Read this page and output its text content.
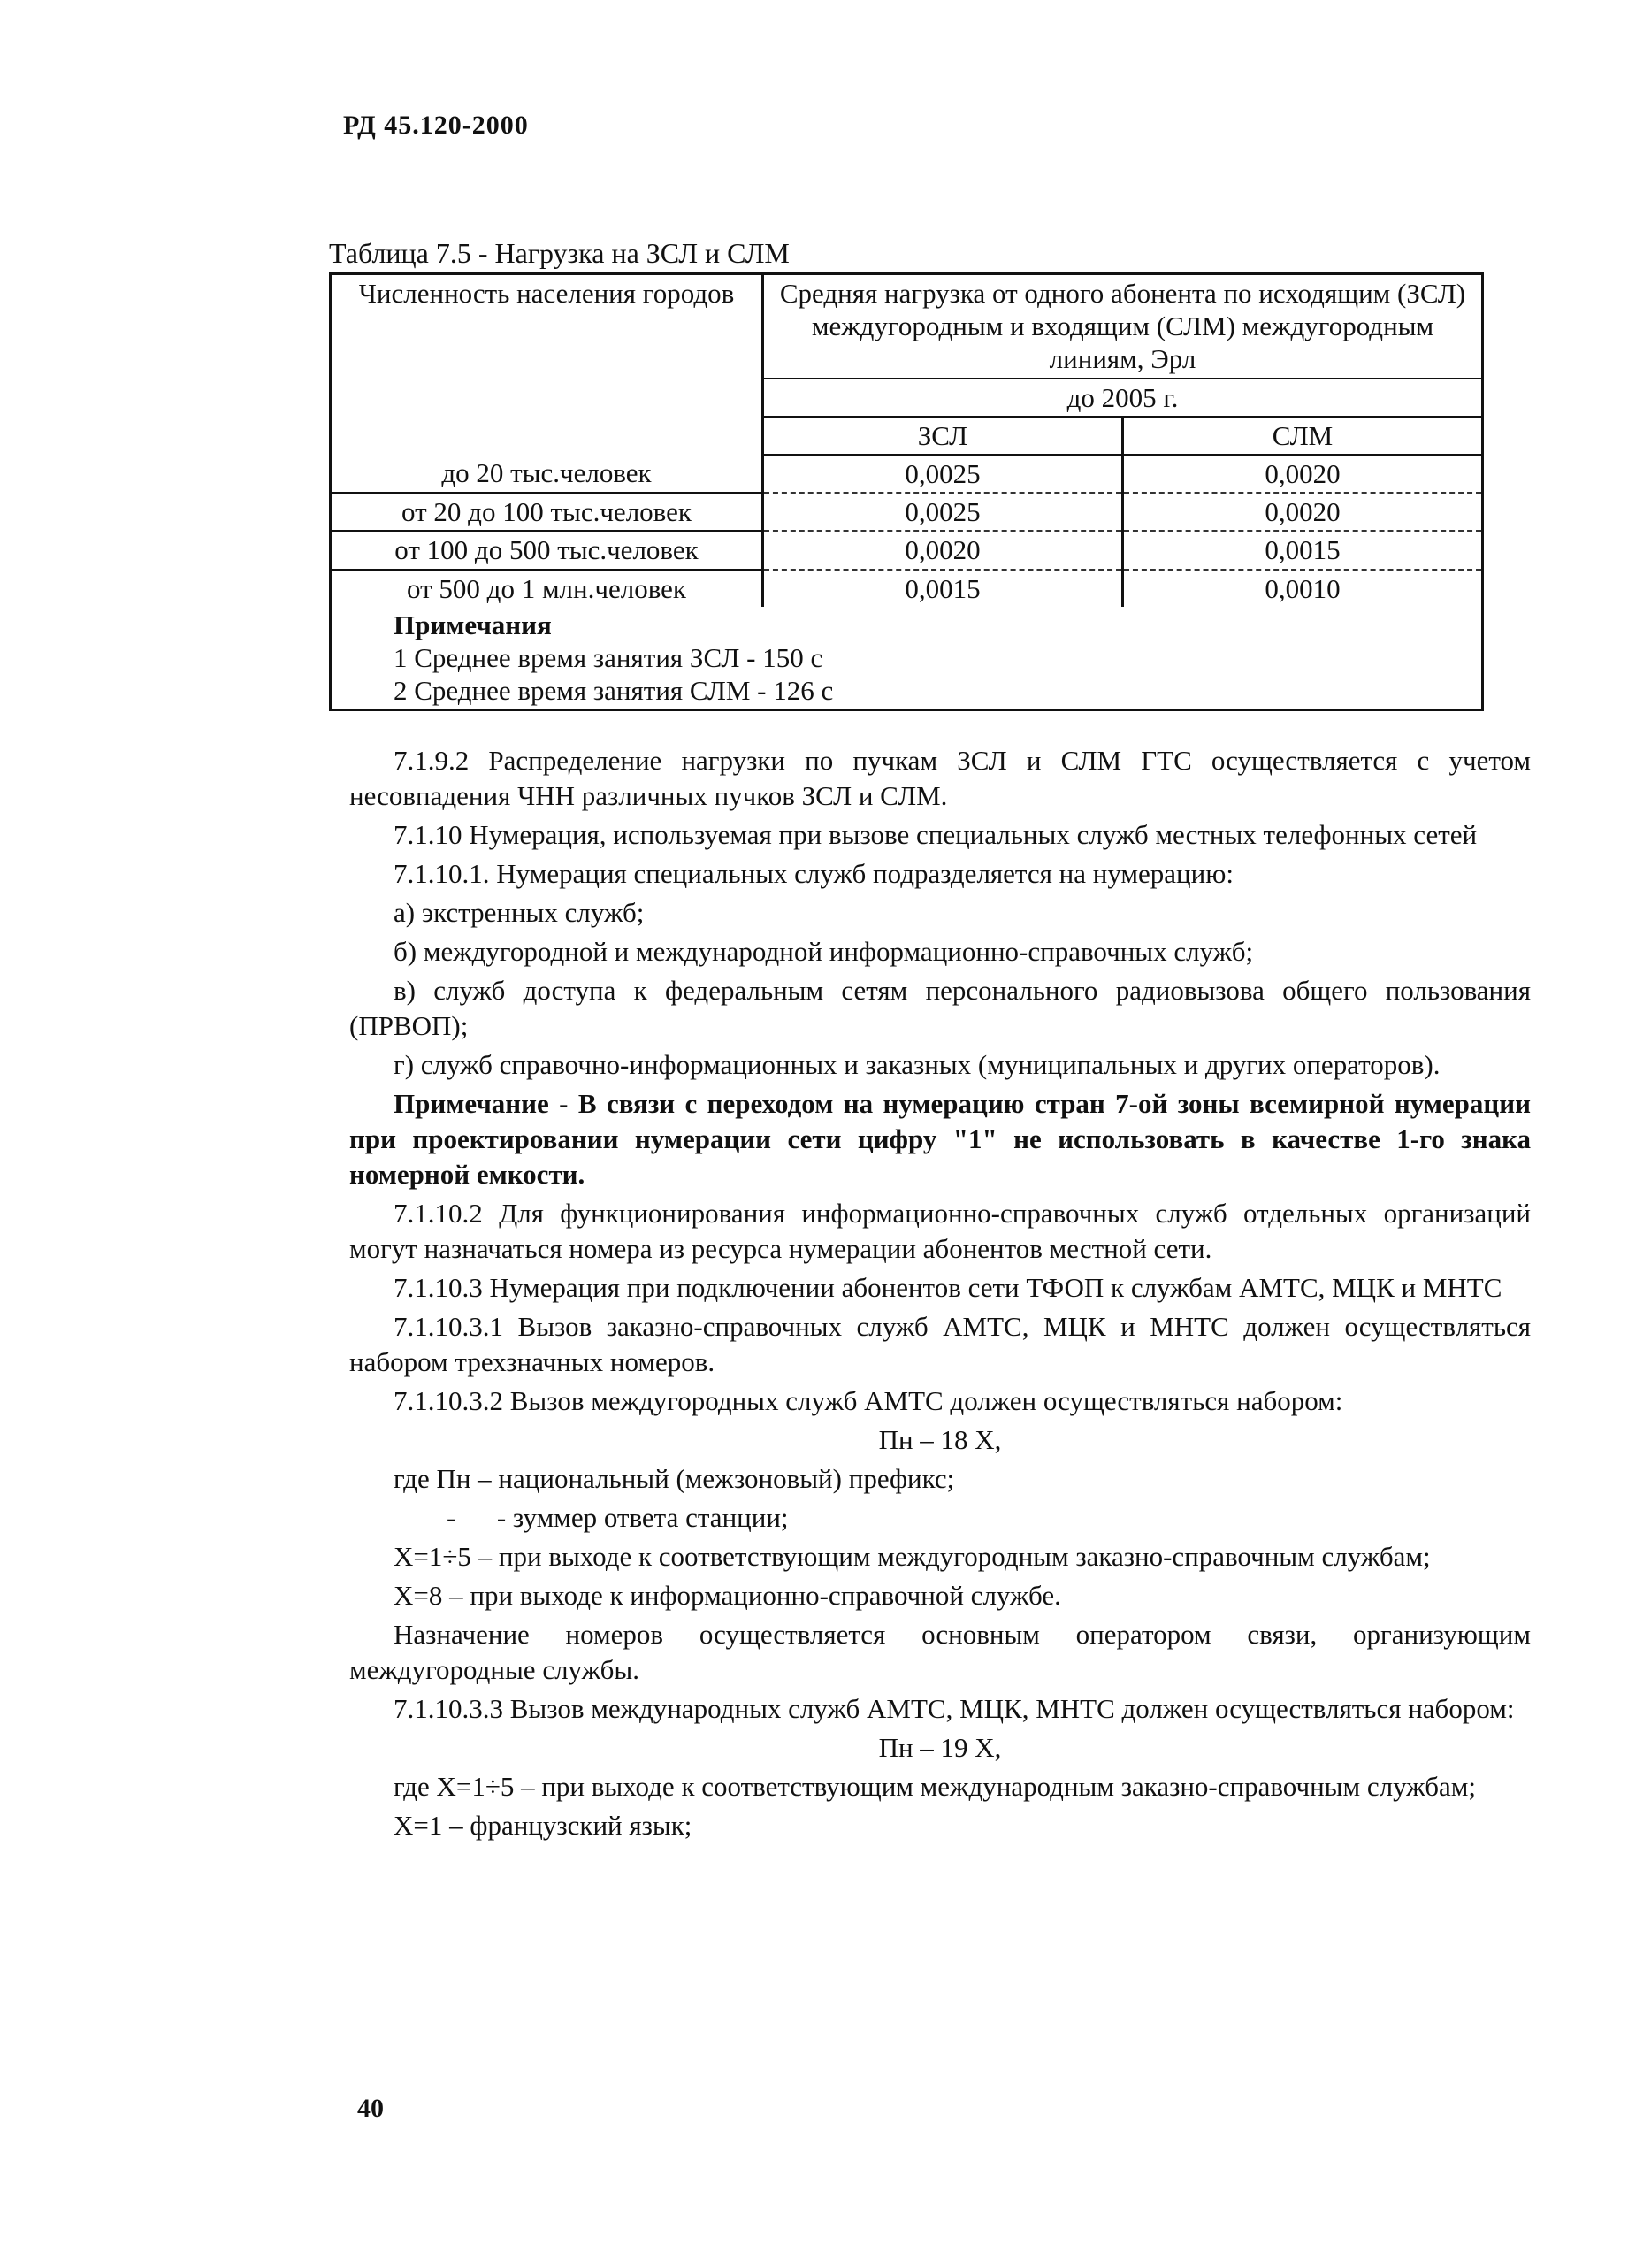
РД 45.120-2000
Таблица 7.5 - Нагрузка на ЗСЛ и СЛМ
Численность населения городов	Средняя нагрузка от одного абонента по исходящим (ЗСЛ) междугородным и входящим (СЛМ) междугородным линиям, Эрл	
	до 2005 г.	
	ЗСЛ	СЛМ
до 20 тыс.человек	0,0025	0,0020
от 20 до 100 тыс.человек	0,0025	0,0020
от 100 до 500 тыс.человек	0,0020	0,0015
от 500 до 1 млн.человек	0,0015	0,0010

Примечания
1 Среднее время занятия ЗСЛ - 150 с
2 Среднее время занятия СЛМ - 126 с		

7.1.9.2 Распределение нагрузки по пучкам ЗСЛ и СЛМ ГТС осуществляется с учетом несовпадения ЧНН различных пучков ЗСЛ и СЛМ.

7.1.10 Нумерация, используемая при вызове специальных служб местных телефонных сетей

7.1.10.1. Нумерация специальных служб подразделяется на нумерацию:

а) экстренных служб;

б) междугородной и международной информационно-справочных служб;

в) служб доступа к федеральным сетям персонального радиовызова общего пользования (ПРВОП);

г) служб справочно-информационных и заказных (муниципальных и других операторов).

Примечание - В связи с переходом на нумерацию стран 7-ой зоны всемирной нумерации при проектировании нумерации сети цифру "1" не использовать в качестве 1-го знака номерной емкости.

7.1.10.2 Для функционирования информационно-справочных служб отдельных организаций могут назначаться номера из ресурса нумерации абонентов местной сети.

7.1.10.3 Нумерация при подключении абонентов сети ТФОП к службам АМТС, МЦК и МНТС

7.1.10.3.1 Вызов заказно-справочных служб АМТС, МЦК и МНТС должен осуществляться набором трехзначных номеров.

7.1.10.3.2 Вызов междугородных служб АМТС должен осуществляться набором:

Пн – 18 Х,

где Пн – национальный (межзоновый) префикс;

- - зуммер ответа станции;

Х=1÷5 – при выходе к соответствующим междугородным заказно-справочным службам;

Х=8 – при выходе к информационно-справочной службе.

Назначение номеров осуществляется основным оператором связи, организующим междугородные службы.

7.1.10.3.3 Вызов международных служб АМТС, МЦК, МНТС должен осуществляться набором:

Пн – 19 Х,

где Х=1÷5 – при выходе к соответствующим международным заказно-справочным службам;

Х=1 – французский язык;

40
